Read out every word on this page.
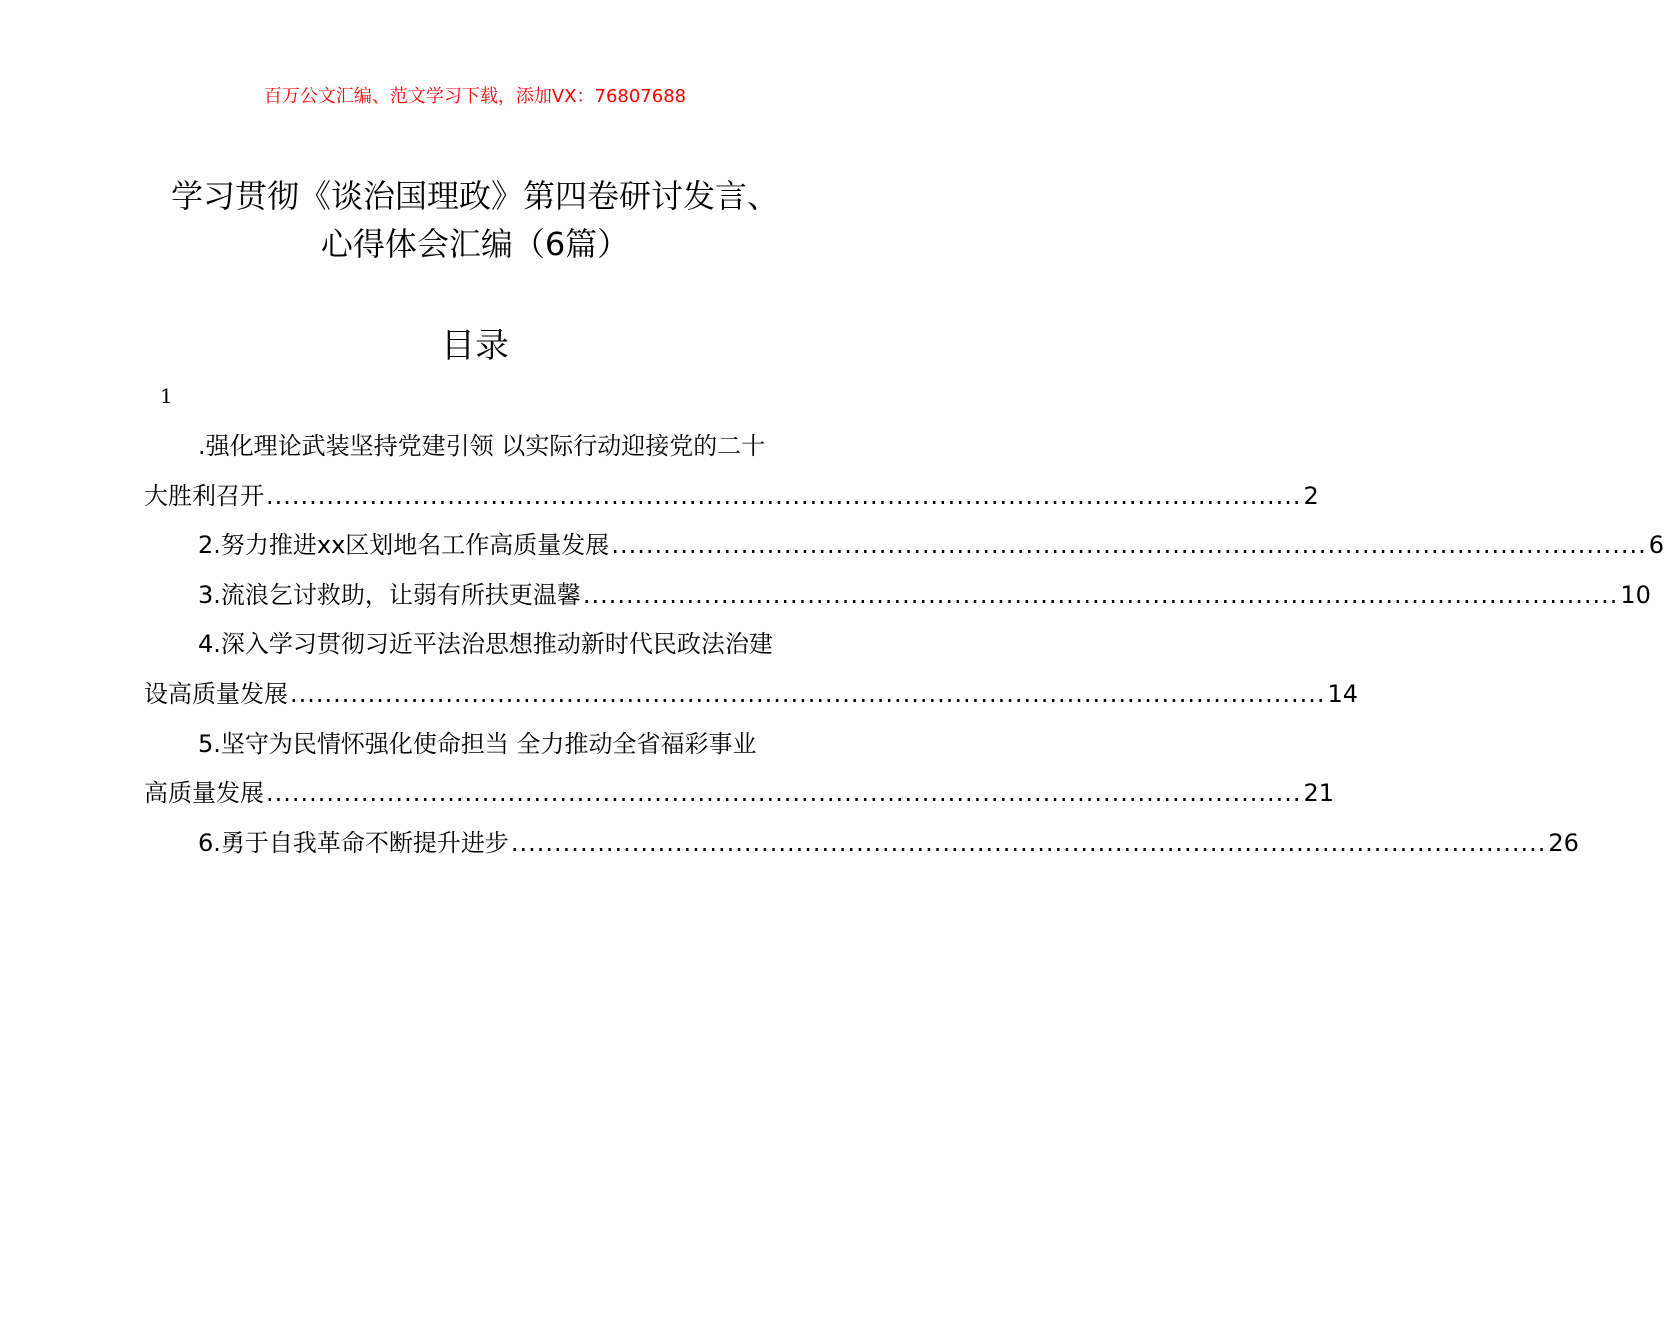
百万公文汇编、范文学习下载，添加VX：76807688
学习贯彻《谈治国理政》第四卷研讨发言、
心得体会汇编（6篇）
目录
1
.强化理论武装坚持党建引领 以实际行动迎接党的二十
大胜利召开 ........................................................................................................................ 2
2.努力推进xx区划地名工作高质量发展 ........................................................................................................................ 6
3.流浪乞讨救助，让弱有所扶更温馨 ........................................................................................................................ 10
4.深入学习贯彻习近平法治思想推动新时代民政法治建
设高质量发展 ........................................................................................................................ 14
5.坚守为民情怀强化使命担当 全力推动全省福彩事业
高质量发展 ........................................................................................................................ 21
6.勇于自我革命不断提升进步 ........................................................................................................................ 26
